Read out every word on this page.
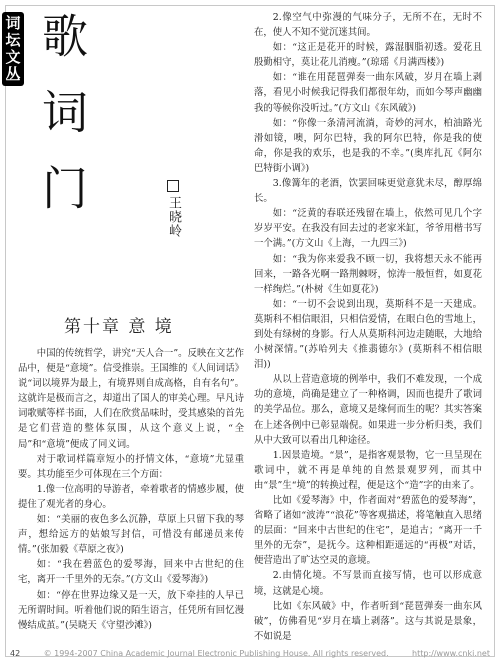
词坛文丛 歌词门	王晓岭
第十章 意 境

中国的传统哲学，讲究“天人合一”。反映在文艺作品中，便是“意境”。信受推崇。王国维的《人间词话》说“词以境界为最上，有境界则自成高格，自有名句”。这就许是极而言之，却道出了国人的审美心理。早凡诗词歌赋等样书面，人们在欣赏品味时，受其感染的首先是它们营造的整体氛围，从这个意义上说，“全局”和“意境”便成了同义词。

对于歌词样篇章短小的抒情文体，“意境”尤显重要。其功能至少可体现在三个方面：

1.像一位高明的导游者，牵着歌者的情感步履，使提住了观光者的身心。

如：“美丽的夜色多么沉静，草原上只留下我的琴声，想给远方的姑娘写封信，可惜没有邮递员来传情。”(张加毅《草原之夜》)

如：“我在碧蓝色的爱琴海，回来中古世纪的住宅，离开一千里外的无奈。”(方文山《爱琴海》)

如：“停在世界边缘又是一天，放下牵挂的人早已无所谓时间。听着他们说的陌生语言，任凭所有回忆漫慢结成茧。”(吴晓天《守望沙滩》)

2.像空气中弥漫的气味分子，无所不在，无时不在，使人不知不觉沉迷其间。

如：“这正是花开的时候，露湿胭脂初透。爱花且殷勤相守，莫让花儿消瘦。”(琼瑶《月满西楼》)

如：“谁在用琵琶弹奏一曲东风破，岁月在墙上剥落，看见小时候我记得我们都很年幼，而如今琴声幽幽我的等候你没听过。”(方文山《东风破》)

如：“你像一条清河流淌，奇妙的河水，柏油路光滑如镜，噢，阿尔巴特，我的阿尔巴特，你是我的使命，你是我的欢乐，也是我的不幸。”(奥库扎瓦《阿尔巴特街小调》)

3.像篝年的老酒，饮罢回味更觉意犹未尽，醇厚绵长。

如：“泛黄的春联还残留在墙上，依然可见几个字岁岁平安。在我没有回去过的老家米缸，爷爷用楷书写一个满。”(方文山《上海，一九四三》)

如：“我为你来爱我不顾一切，我将想天永不能再回来，一路各光啊一路荆棘呀，惊涛一般恒哲，如夏花一样绚烂。”(朴树《生如夏花》)

如：“一切不会说到出现，莫斯科不是一天建成。莫斯科不相信眼泪，只相信爱情，在眼白色的雪地上，到处有绿树的身影。行人从莫斯科河边走随眠，大地给小树深情。”(苏哈列夫《推翡德尔》(莫斯科不相信眼泪))

从以上营造意境的例举中，我们不难发现，一个成功的意境，尚确是建立了一种格调，因而也提升了歌词的美学品位。那么，意境又是缘何而生的呢？其实答案在上述各例中已彰显端倪。如果进一步分析归类，我们从中大致可以看出几种途径。

1.因景造境。“景”，是指客观景物，它一旦呈现在歌词中，就不再是单纯的自然景观罗列，而其中由“景”生“境”的转换过程，便是这个“造”字的由来了。

比如《爱琴海》中，作者面对“碧蓝色的爱琴海”，省略了诸如“波涛”“浪花”等客观描述，将笔触直入思绪的层面：“回来中古世纪的住宅”，是追古；“离开一千里外的无奈”，是抚今。这种相距遥远的“再极”对话，便营造出了旷达空灵的意境。

2.由情化境。不写景而直接写情，也可以形成意境，这就是心境。

比如《东风破》中，作者听到“琵琶弹奏一曲东风破”，仿佛看见“岁月在墙上剥落”。这与其说是景象，不如说是

42	© 1994-2007 China Academic Journal Electronic Publishing House. All rights reserved.	http://www.cnki.net
